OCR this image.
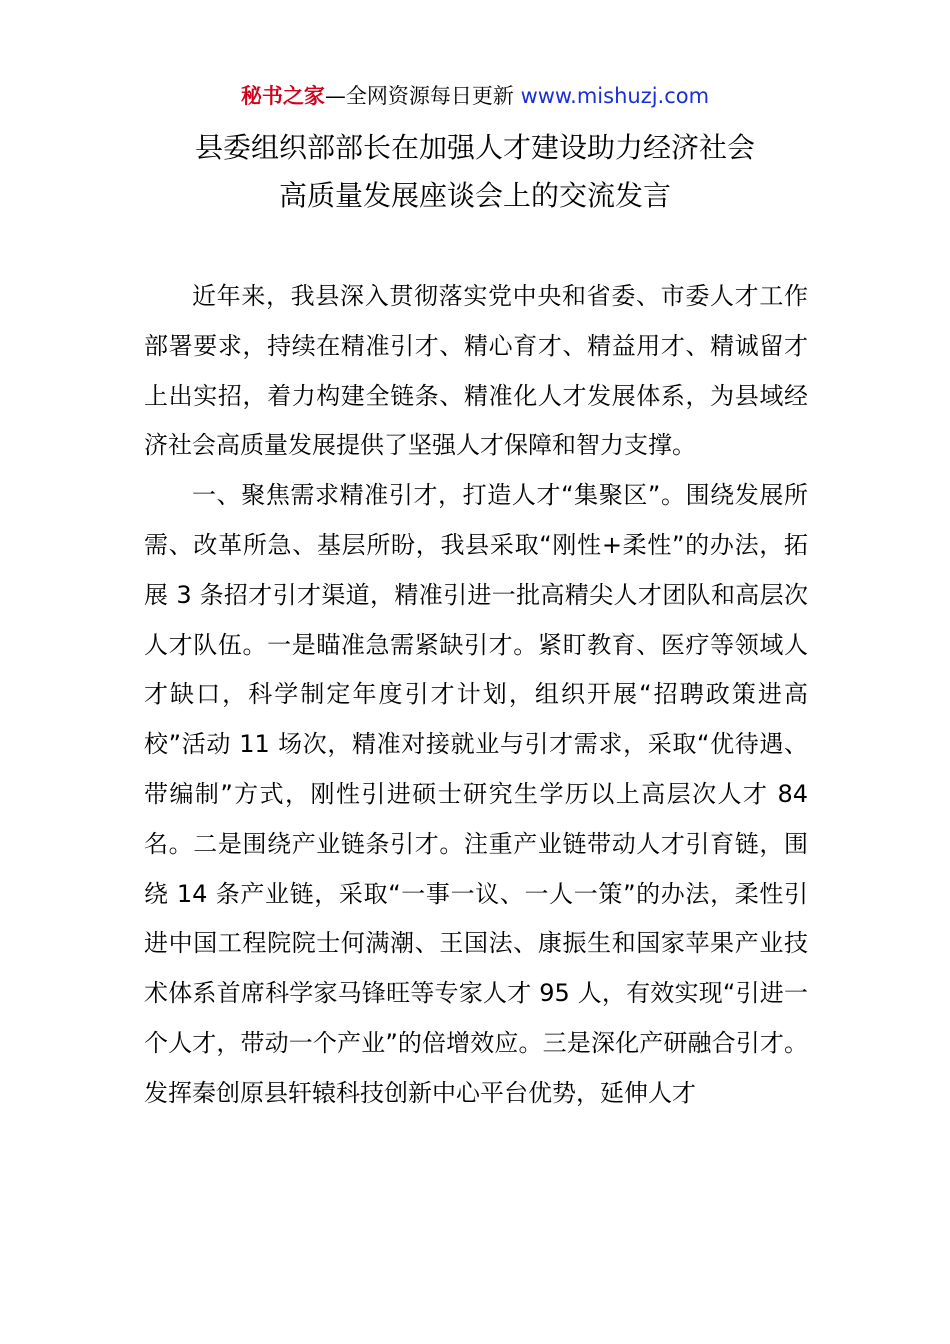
秘书之家—全网资源每日更新 www.mishuzj.com
县委组织部部长在加强人才建设助力经济社会
高质量发展座谈会上的交流发言

近年来，我县深入贯彻落实党中央和省委、市委人才工作部署要求，持续在精准引才、精心育才、精益用才、精诚留才上出实招，着力构建全链条、精准化人才发展体系，为县域经济社会高质量发展提供了坚强人才保障和智力支撑。

一、聚焦需求精准引才，打造人才“集聚区”。围绕发展所需、改革所急、基层所盼，我县采取“刚性+柔性”的办法，拓展 3 条招才引才渠道，精准引进一批高精尖人才团队和高层次人才队伍。一是瞄准急需紧缺引才。紧盯教育、医疗等领域人才缺口，科学制定年度引才计划，组织开展“招聘政策进高校”活动 11 场次，精准对接就业与引才需求，采取“优待遇、带编制”方式，刚性引进硕士研究生学历以上高层次人才 84 名。二是围绕产业链条引才。注重产业链带动人才引育链，围绕 14 条产业链，采取“一事一议、一人一策”的办法，柔性引进中国工程院院士何满潮、王国法、康振生和国家苹果产业技术体系首席科学家马锋旺等专家人才 95 人，有效实现“引进一个人才，带动一个产业”的倍增效应。三是深化产研融合引才。发挥秦创原县轩辕科技创新中心平台优势，延伸人才
